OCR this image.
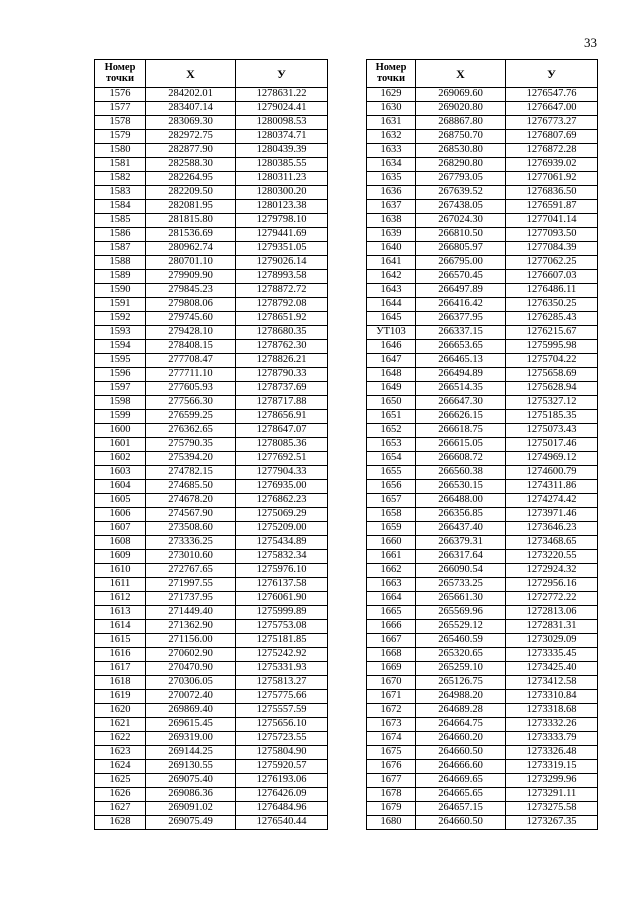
33
Номер точки	X	У
1576	284202.01	1278631.22
1577	283407.14	1279024.41
1578	283069.30	1280098.53
1579	282972.75	1280374.71
1580	282877.90	1280439.39
1581	282588.30	1280385.55
1582	282264.95	1280311.23
1583	282209.50	1280300.20
1584	282081.95	1280123.38
1585	281815.80	1279798.10
1586	281536.69	1279441.69
1587	280962.74	1279351.05
1588	280701.10	1279026.14
1589	279909.90	1278993.58
1590	279845.23	1278872.72
1591	279808.06	1278792.08
1592	279745.60	1278651.92
1593	279428.10	1278680.35
1594	278408.15	1278762.30
1595	277708.47	1278826.21
1596	277711.10	1278790.33
1597	277605.93	1278737.69
1598	277566.30	1278717.88
1599	276599.25	1278656.91
1600	276362.65	1278647.07
1601	275790.35	1278085.36
1602	275394.20	1277692.51
1603	274782.15	1277904.33
1604	274685.50	1276935.00
1605	274678.20	1276862.23
1606	274567.90	1275069.29
1607	273508.60	1275209.00
1608	273336.25	1275434.89
1609	273010.60	1275832.34
1610	272767.65	1275976.10
1611	271997.55	1276137.58
1612	271737.95	1276061.90
1613	271449.40	1275999.89
1614	271362.90	1275753.08
1615	271156.00	1275181.85
1616	270602.90	1275242.92
1617	270470.90	1275331.93
1618	270306.05	1275813.27
1619	270072.40	1275775.66
1620	269869.40	1275557.59
1621	269615.45	1275656.10
1622	269319.00	1275723.55
1623	269144.25	1275804.90
1624	269130.55	1275920.57
1625	269075.40	1276193.06
1626	269086.36	1276426.09
1627	269091.02	1276484.96
1628	269075.49	1276540.44
Номер точки	X	У
1629	269069.60	1276547.76
1630	269020.80	1276647.00
1631	268867.80	1276773.27
1632	268750.70	1276807.69
1633	268530.80	1276872.28
1634	268290.80	1276939.02
1635	267793.05	1277061.92
1636	267639.52	1276836.50
1637	267438.05	1276591.87
1638	267024.30	1277041.14
1639	266810.50	1277093.50
1640	266805.97	1277084.39
1641	266795.00	1277062.25
1642	266570.45	1276607.03
1643	266497.89	1276486.11
1644	266416.42	1276350.25
1645	266377.95	1276285.43
УТ103	266337.15	1276215.67
1646	266653.65	1275995.98
1647	266465.13	1275704.22
1648	266494.89	1275658.69
1649	266514.35	1275628.94
1650	266647.30	1275327.12
1651	266626.15	1275185.35
1652	266618.75	1275073.43
1653	266615.05	1275017.46
1654	266608.72	1274969.12
1655	266560.38	1274600.79
1656	266530.15	1274311.86
1657	266488.00	1274274.42
1658	266356.85	1273971.46
1659	266437.40	1273646.23
1660	266379.31	1273468.65
1661	266317.64	1273220.55
1662	266090.54	1272924.32
1663	265733.25	1272956.16
1664	265661.30	1272772.22
1665	265569.96	1272813.06
1666	265529.12	1272831.31
1667	265460.59	1273029.09
1668	265320.65	1273335.45
1669	265259.10	1273425.40
1670	265126.75	1273412.58
1671	264988.20	1273310.84
1672	264689.28	1273318.68
1673	264664.75	1273332.26
1674	264660.20	1273333.79
1675	264660.50	1273326.48
1676	264666.60	1273319.15
1677	264669.65	1273299.96
1678	264665.65	1273291.11
1679	264657.15	1273275.58
1680	264660.50	1273267.35
